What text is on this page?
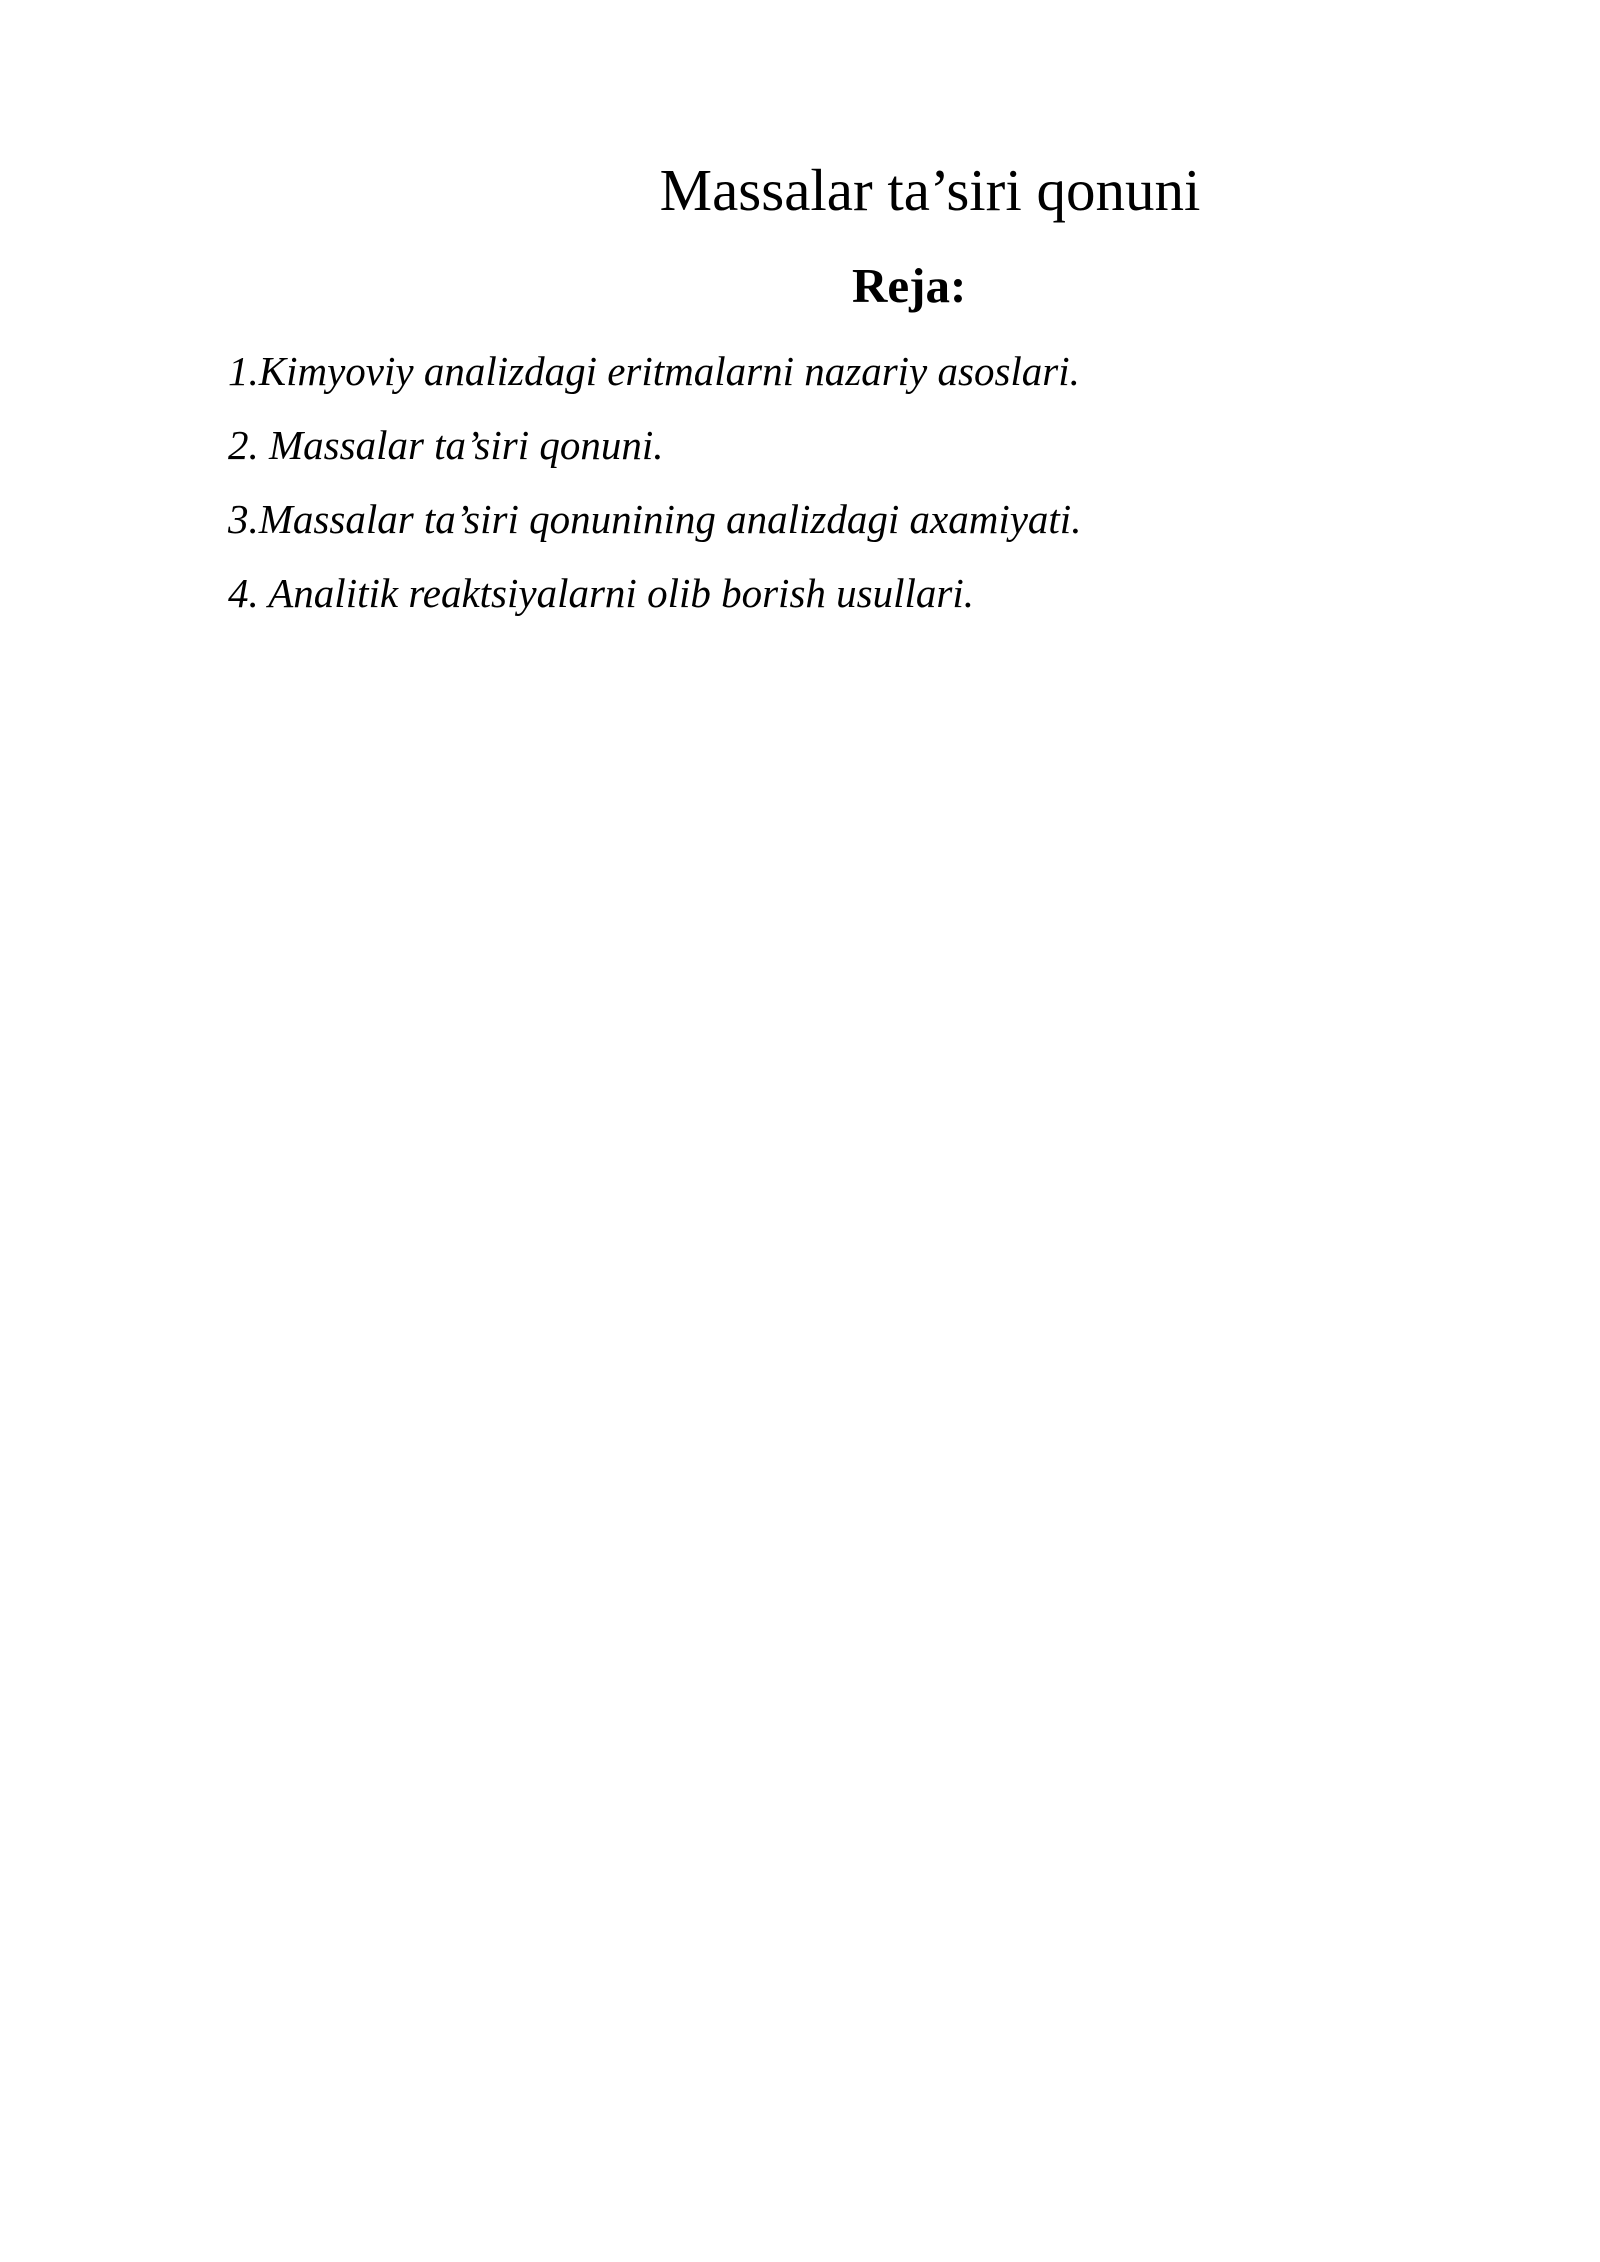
Massalar ta’siri qonuni
Reja:
1.Kimyoviy analizdagi eritmalarni nazariy asoslari.
2. Massalar ta’siri qonuni.
3.Massalar ta’siri qonunining analizdagi axamiyati.
4. Analitik reaktsiyalarni olib borish usullari.
